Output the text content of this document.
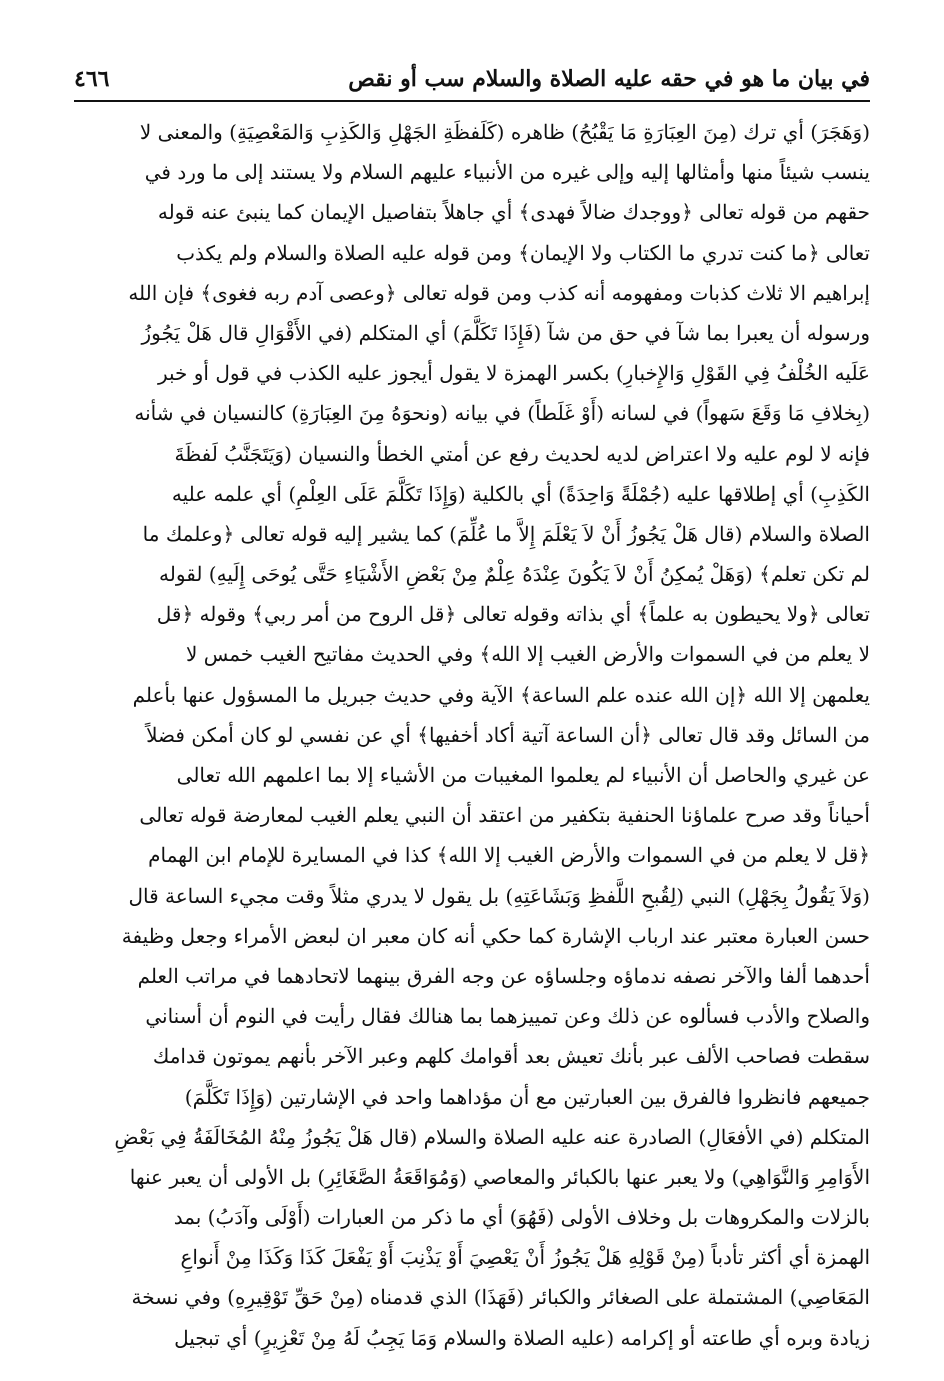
في بيان ما هو في حقه عليه الصلاة والسلام سب أو نقص
٤٦٦
(وَهَجَرَ) أي ترك (مِنَ العِبَارَةِ مَا يَقْبُحُ) ظاهره (كَلَفظَةِ الجَهْلِ وَالكَذِبِ وَالمَعْصِيَةِ) والمعنى لا
ينسب شيئاً منها وأمثالها إليه وإلى غيره من الأنبياء عليهم السلام ولا يستند إلى ما ورد في
حقهم من قوله تعالى ﴿ووجدك ضالاً فهدى﴾ أي جاهلاً بتفاصيل الإيمان كما ينبئ عنه قوله
تعالى ﴿ما كنت تدري ما الكتاب ولا الإيمان﴾ ومن قوله عليه الصلاة والسلام ولم يكذب
إبراهيم الا ثلاث كذبات ومفهومه أنه كذب ومن قوله تعالى ﴿وعصى آدم ربه فغوى﴾ فإن الله
ورسوله أن يعبرا بما شآ في حق من شآ (فَإِذَا تَكَلَّمَ) أي المتكلم (في الأَقْوَالِ قال هَلْ يَجُوزُ
عَلَيه الخُلْفُ فِي القَوْلِ وَالإِخبارِ) بكسر الهمزة لا يقول أيجوز عليه الكذب في قول أو خبر
(بِخلافِ مَا وَقَعَ سَهواً) في لسانه (أَوْ غَلَطاً) في بيانه (ونحوَهُ مِنَ العِبَارَةِ) كالنسيان في شأنه
فإنه لا لوم عليه ولا اعتراض لديه لحديث رفع عن أمتي الخطأ والنسيان (وَيَتَجَنَّبُ لَفظَةَ
الكَذِبِ) أي إطلاقها عليه (جُمْلَةً وَاحِدَةً) أي بالكلية (وَإِذَا تَكَلَّمَ عَلَى العِلْمِ) أي علمه عليه
الصلاة والسلام (قال هَلْ يَجُوزُ أَنْ لاَ يَعْلَمَ إِلاَّ ما عُلِّمَ) كما يشير إليه قوله تعالى ﴿وعلمك ما
لم تكن تعلم﴾ (وَهَلْ يُمكِنُ أَنْ لاَ يَكُونَ عِنْدَهُ عِلْمٌ مِنْ بَعْضِ الأَشْيَاءِ حَتَّى يُوحَى إِلَيهِ) لقوله
تعالى ﴿ولا يحيطون به علماً﴾ أي بذاته وقوله تعالى ﴿قل الروح من أمر ربي﴾ وقوله ﴿قل
لا يعلم من في السموات والأرض الغيب إلا الله﴾ وفي الحديث مفاتيح الغيب خمس لا
يعلمهن إلا الله ﴿إن الله عنده علم الساعة﴾ الآية وفي حديث جبريل ما المسؤول عنها بأعلم
من السائل وقد قال تعالى ﴿أن الساعة آتية أكاد أخفيها﴾ أي عن نفسي لو كان أمكن فضلاً
عن غيري والحاصل أن الأنبياء لم يعلموا المغيبات من الأشياء إلا بما اعلمهم الله تعالى
أحياناً وقد صرح علماؤنا الحنفية بتكفير من اعتقد أن النبي يعلم الغيب لمعارضة قوله تعالى
﴿قل لا يعلم من في السموات والأرض الغيب إلا الله﴾ كذا في المسايرة للإمام ابن الهمام
(وَلاَ يَقُولُ بِجَهْلِ) النبي (لِقُبحِ اللَّفظِ وَبَشَاعَتِهِ) بل يقول لا يدري مثلاً وقت مجيء الساعة قال
حسن العبارة معتبر عند ارباب الإشارة كما حكي أنه كان معبر ان لبعض الأمراء وجعل وظيفة
أحدهما ألفا والآخر نصفه ندماؤه وجلساؤه عن وجه الفرق بينهما لاتحادهما في مراتب العلم
والصلاح والأدب فسألوه عن ذلك وعن تمييزهما بما هنالك فقال رأيت في النوم أن أسناني
سقطت فصاحب الألف عبر بأنك تعيش بعد أقوامك كلهم وعبر الآخر بأنهم يموتون قدامك
جميعهم فانظروا فالفرق بين العبارتين مع أن مؤداهما واحد في الإشارتين (وَإِذَا تَكَلَّمَ)
المتكلم (في الأفعَالِ) الصادرة عنه عليه الصلاة والسلام (قال هَلْ يَجُوزُ مِنْهُ المُخَالَفَةُ فِي بَعْضِ
الأَوَامِرِ وَالنَّوَاهِي) ولا يعبر عنها بالكبائر والمعاصي (وَمُوَاقَعَةُ الصَّغَائِرِ) بل الأولى أن يعبر عنها
بالزلات والمكروهات بل وخلاف الأولى (فَهُوَ) أي ما ذكر من العبارات (أَوْلَى وآدَبُ) بمد
الهمزة أي أكثر تأدباً (مِنْ قَوْلِهِ هَلْ يَجُوزُ أَنْ يَعْصِيَ أَوْ يَذْنِبَ أَوْ يَفْعَلَ كَذَا وَكَذَا مِنْ أَنواعِ
المَعَاصِي) المشتملة على الصغائر والكبائر (فَهَذَا) الذي قدمناه (مِنْ حَقِّ تَوْقِيرِهِ) وفي نسخة
زيادة وبره أي طاعته أو إكرامه (عليه الصلاة والسلام وَمَا يَجِبُ لَهُ مِنْ تَعْزِيرٍ) أي تبجيل
